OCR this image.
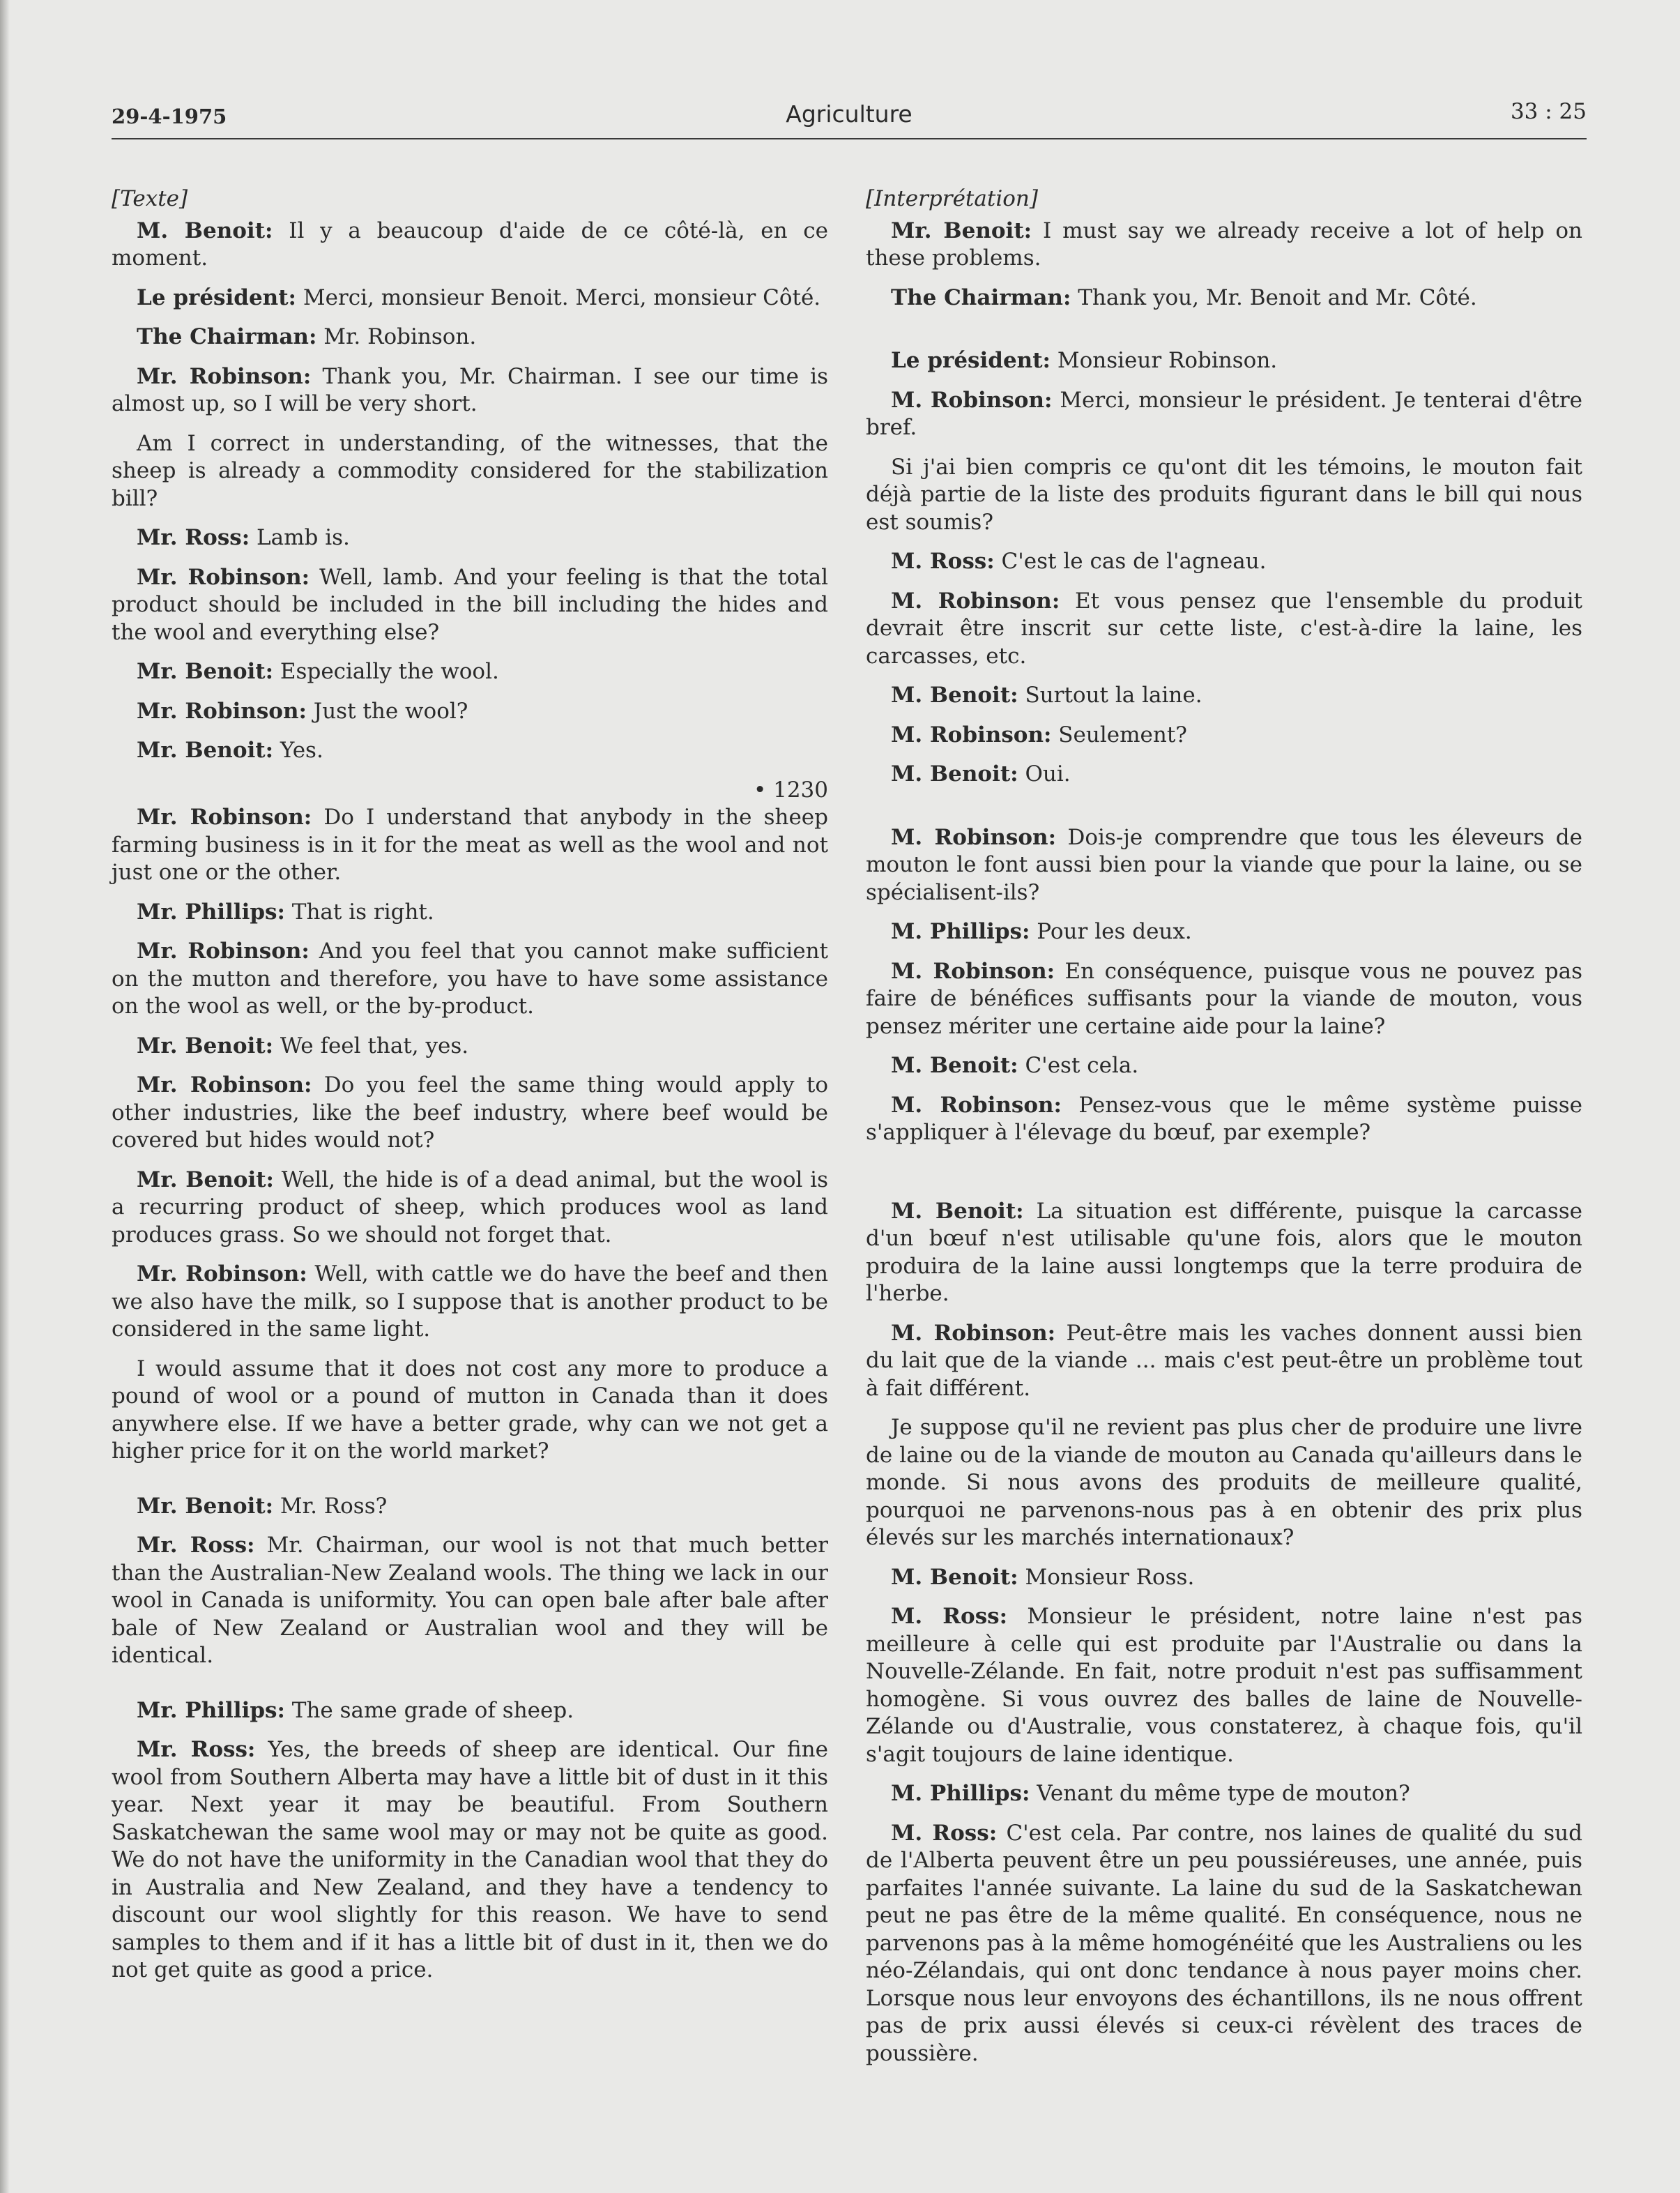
29-4-1975	Agriculture	33 : 25

[Texte]

M. Benoit: Il y a beaucoup d'aide de ce côté-là, en ce moment.

Le président: Merci, monsieur Benoit. Merci, monsieur Côté.

The Chairman: Mr. Robinson.

Mr. Robinson: Thank you, Mr. Chairman. I see our time is almost up, so I will be very short.

Am I correct in understanding, of the witnesses, that the sheep is already a commodity considered for the stabilization bill?

Mr. Ross: Lamb is.

Mr. Robinson: Well, lamb. And your feeling is that the total product should be included in the bill including the hides and the wool and everything else?

Mr. Benoit: Especially the wool.

Mr. Robinson: Just the wool?

Mr. Benoit: Yes.

• 1230

Mr. Robinson: Do I understand that anybody in the sheep farming business is in it for the meat as well as the wool and not just one or the other.

Mr. Phillips: That is right.

Mr. Robinson: And you feel that you cannot make sufficient on the mutton and therefore, you have to have some assistance on the wool as well, or the by-product.

Mr. Benoit: We feel that, yes.

Mr. Robinson: Do you feel the same thing would apply to other industries, like the beef industry, where beef would be covered but hides would not?

Mr. Benoit: Well, the hide is of a dead animal, but the wool is a recurring product of sheep, which produces wool as land produces grass. So we should not forget that.

Mr. Robinson: Well, with cattle we do have the beef and then we also have the milk, so I suppose that is another product to be considered in the same light.

I would assume that it does not cost any more to produce a pound of wool or a pound of mutton in Canada than it does anywhere else. If we have a better grade, why can we not get a higher price for it on the world market?

Mr. Benoit: Mr. Ross?

Mr. Ross: Mr. Chairman, our wool is not that much better than the Australian-New Zealand wools. The thing we lack in our wool in Canada is uniformity. You can open bale after bale after bale of New Zealand or Australian wool and they will be identical.

Mr. Phillips: The same grade of sheep.

Mr. Ross: Yes, the breeds of sheep are identical. Our fine wool from Southern Alberta may have a little bit of dust in it this year. Next year it may be beautiful. From Southern Saskatchewan the same wool may or may not be quite as good. We do not have the uniformity in the Canadian wool that they do in Australia and New Zealand, and they have a tendency to discount our wool slightly for this reason. We have to send samples to them and if it has a little bit of dust in it, then we do not get quite as good a price.

[Interprétation]

Mr. Benoit: I must say we already receive a lot of help on these problems.

The Chairman: Thank you, Mr. Benoit and Mr. Côté.

Le président: Monsieur Robinson.

M. Robinson: Merci, monsieur le président. Je tenterai d'être bref.

Si j'ai bien compris ce qu'ont dit les témoins, le mouton fait déjà partie de la liste des produits figurant dans le bill qui nous est soumis?

M. Ross: C'est le cas de l'agneau.

M. Robinson: Et vous pensez que l'ensemble du produit devrait être inscrit sur cette liste, c'est-à-dire la laine, les carcasses, etc.

M. Benoit: Surtout la laine.

M. Robinson: Seulement?

M. Benoit: Oui.

M. Robinson: Dois-je comprendre que tous les éleveurs de mouton le font aussi bien pour la viande que pour la laine, ou se spécialisent-ils?

M. Phillips: Pour les deux.

M. Robinson: En conséquence, puisque vous ne pouvez pas faire de bénéfices suffisants pour la viande de mouton, vous pensez mériter une certaine aide pour la laine?

M. Benoit: C'est cela.

M. Robinson: Pensez-vous que le même système puisse s'appliquer à l'élevage du bœuf, par exemple?

M. Benoit: La situation est différente, puisque la carcasse d'un bœuf n'est utilisable qu'une fois, alors que le mouton produira de la laine aussi longtemps que la terre produira de l'herbe.

M. Robinson: Peut-être mais les vaches donnent aussi bien du lait que de la viande ... mais c'est peut-être un problème tout à fait différent.

Je suppose qu'il ne revient pas plus cher de produire une livre de laine ou de la viande de mouton au Canada qu'ailleurs dans le monde. Si nous avons des produits de meilleure qualité, pourquoi ne parvenons-nous pas à en obtenir des prix plus élevés sur les marchés internationaux?

M. Benoit: Monsieur Ross.

M. Ross: Monsieur le président, notre laine n'est pas meilleure à celle qui est produite par l'Australie ou dans la Nouvelle-Zélande. En fait, notre produit n'est pas suffisamment homogène. Si vous ouvrez des balles de laine de Nouvelle-Zélande ou d'Australie, vous constaterez, à chaque fois, qu'il s'agit toujours de laine identique.

M. Phillips: Venant du même type de mouton?

M. Ross: C'est cela. Par contre, nos laines de qualité du sud de l'Alberta peuvent être un peu poussiéreuses, une année, puis parfaites l'année suivante. La laine du sud de la Saskatchewan peut ne pas être de la même qualité. En conséquence, nous ne parvenons pas à la même homogénéité que les Australiens ou les néo-Zélandais, qui ont donc tendance à nous payer moins cher. Lorsque nous leur envoyons des échantillons, ils ne nous offrent pas de prix aussi élevés si ceux-ci révèlent des traces de poussière.
